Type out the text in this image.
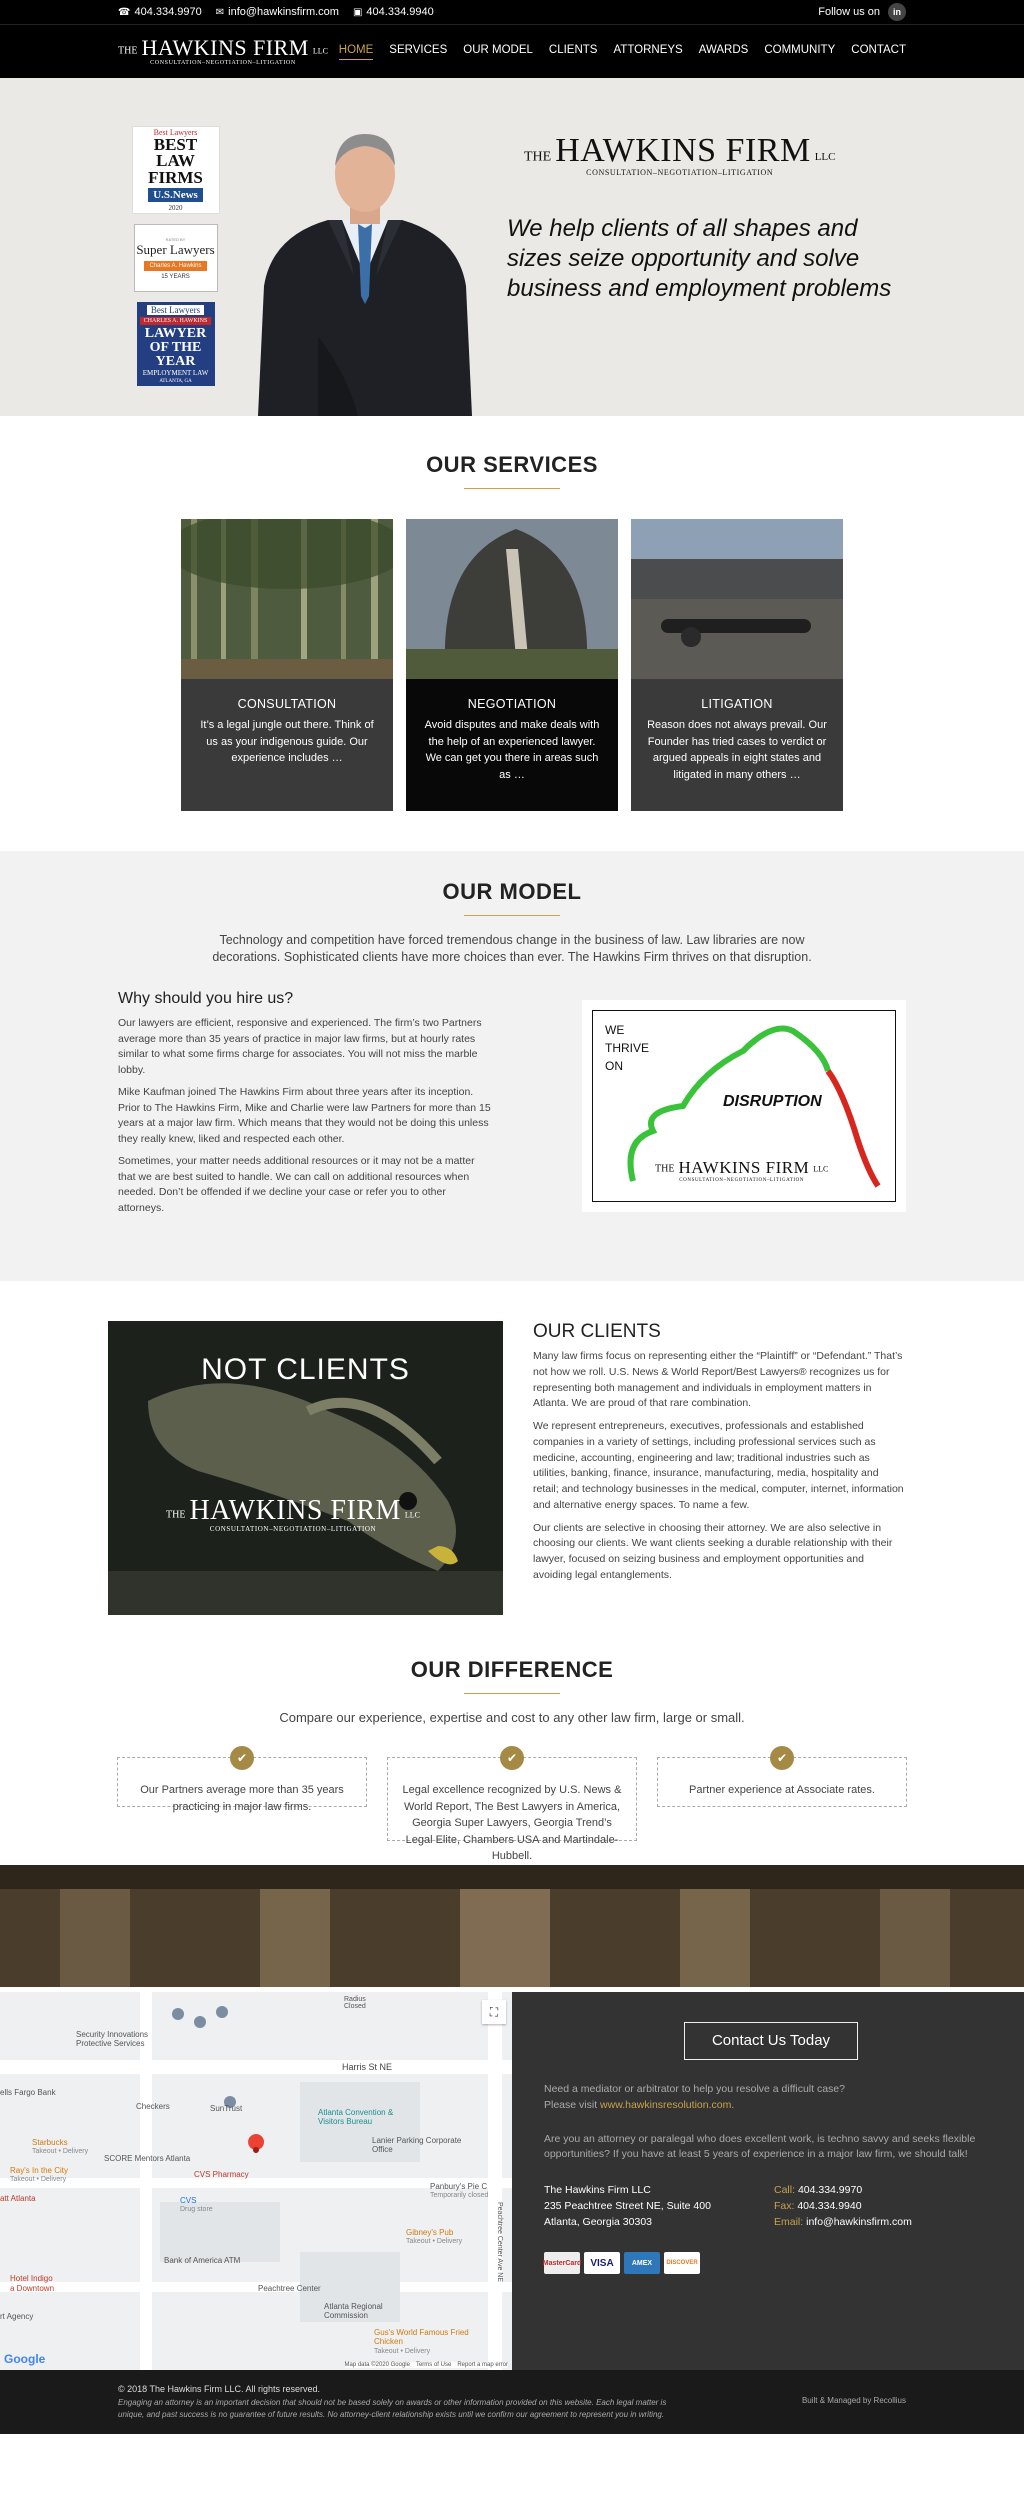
☎ 404.334.9970 ✉ info@hawkinsfirm.com ▣ 404.334.9940	Follow us on	in
THE HAWKINS FIRM LLC
CONSULTATION–NEGOTIATION–LITIGATION
HOME SERVICES OUR MODEL CLIENTS ATTORNEYS AWARDS COMMUNITY CONTACT
Best Lawyers
BEST LAW FIRMS
U.S.News
2020
RATED BY
Super Lawyers
Charles A. Hawkins
15 YEARS
Best Lawyers
CHARLES A. HAWKINS
LAWYER OF THE YEAR
EMPLOYMENT LAW
ATLANTA, GA
THE HAWKINS FIRM LLC
CONSULTATION–NEGOTIATION–LITIGATION
We help clients of all shapes and sizes seize opportunity and solve business and employment problems
OUR SERVICES
CONSULTATION

It’s a legal jungle out there. Think of us as your indigenous guide. Our experience includes …

NEGOTIATION

Avoid disputes and make deals with the help of an experienced lawyer. We can get you there in areas such as …

LITIGATION

Reason does not always prevail. Our Founder has tried cases to verdict or argued appeals in eight states and litigated in many others …

OUR MODEL

Technology and competition have forced tremendous change in the business of law. Law libraries are now decorations. Sophisticated clients have more choices than ever. The Hawkins Firm thrives on that disruption.

Why should you hire us?

Our lawyers are efficient, responsive and experienced. The firm’s two Partners average more than 35 years of practice in major law firms, but at hourly rates similar to what some firms charge for associates. You will not miss the marble lobby.

Mike Kaufman joined The Hawkins Firm about three years after its inception. Prior to The Hawkins Firm, Mike and Charlie were law Partners for more than 15 years at a major law firm. Which means that they would not be doing this unless they really knew, liked and respected each other.

Sometimes, your matter needs additional resources or it may not be a matter that we are best suited to handle. We can call on additional resources when needed. Don’t be offended if we decline your case or refer you to other attorneys.

WE
THRIVE
ON
DISRUPTION
THE HAWKINS FIRM LLC
CONSULTATION–NEGOTIATION–LITIGATION
NOT CLIENTS
THE HAWKINS FIRM LLC
CONSULTATION–NEGOTIATION–LITIGATION
OUR CLIENTS

Many law firms focus on representing either the “Plaintiff” or “Defendant.” That’s not how we roll. U.S. News & World Report/Best Lawyers® recognizes us for representing both management and individuals in employment matters in Atlanta. We are proud of that rare combination.

We represent entrepreneurs, executives, professionals and established companies in a variety of settings, including professional services such as medicine, accounting, engineering and law; traditional industries such as utilities, banking, finance, insurance, manufacturing, media, hospitality and retail; and technology businesses in the medical, computer, internet, information and alternative energy spaces. To name a few.

Our clients are selective in choosing their attorney. We are also selective in choosing our clients. We want clients seeking a durable relationship with their lawyer, focused on seizing business and employment opportunities and avoiding legal entanglements.

OUR DIFFERENCE

Compare our experience, expertise and cost to any other law firm, large or small.

✔
Our Partners average more than 35 years practicing in major law firms.
✔
Legal excellence recognized by U.S. News & World Report, The Best Lawyers in America, Georgia Super Lawyers, Georgia Trend’s Legal Elite, Chambers USA and Martindale-Hubbell.
✔
Partner experience at Associate rates.
⛶
Security Innovations Protective Services
Harris St NE
ells Fargo Bank
Checkers	SunTrust	Atlanta Convention & Visitors Bureau
Lanier Parking Corporate Office
Starbucks
Takeout • Delivery
SCORE Mentors Atlanta
Ray's In the City
Takeout • Delivery
CVS Pharmacy
CVS
Drug store
att Atlanta
Panbury's Pie C
Temporarily closed
Peachtree Center Ave NE
Gibney's Pub
Takeout • Delivery
Bank of America ATM
Hotel Indigo
a Downtown	Peachtree Center
Atlanta Regional Commission
rt Agency
Gus's World Famous Fried Chicken
Takeout • Delivery
Radius Closed
Google	Map data ©2020 Google Terms of Use Report a map error
Contact Us Today

Need a mediator or arbitrator to help you resolve a difficult case?

Please visit www.hawkinsresolution.com.

Are you an attorney or paralegal who does excellent work, is techno savvy and seeks flexible opportunities? If you have at least 5 years of experience in a major law firm, we should talk!

The Hawkins Firm LLC
235 Peachtree Street NE, Suite 400
Atlanta, Georgia 30303
Call: 404.334.9970
Fax: 404.334.9940
Email: info@hawkinsfirm.com
MasterCard VISA	AMEX	DISCOVER
© 2018 The Hawkins Firm LLC. All rights reserved.
Engaging an attorney is an important decision that should not be based solely on awards or other information provided on this website. Each legal matter is unique, and past success is no guarantee of future results. No attorney-client relationship exists until we confirm our agreement to represent you in writing.
Built & Managed by Recollius
